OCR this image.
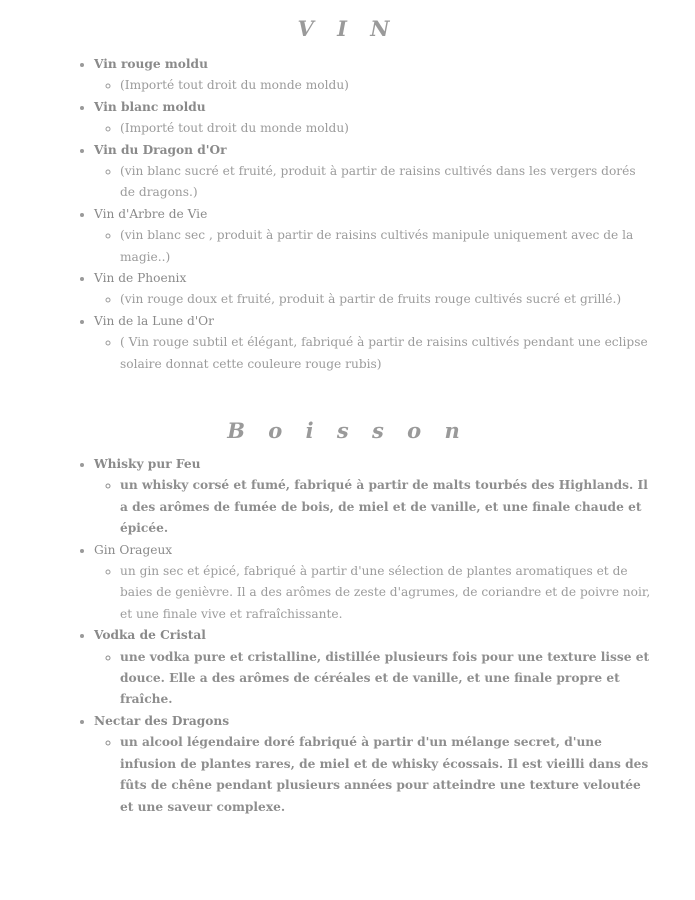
V I N
• Vin rouge moldu
◦ (Importé tout droit du monde moldu)
• Vin blanc moldu
◦ (Importé tout droit du monde moldu)
• Vin du Dragon d'Or
◦ (vin blanc sucré et fruité, produit à partir de raisins cultivés dans les vergers dorés de dragons.)
• Vin d'Arbre de Vie
◦ (vin blanc sec , produit à partir de raisins cultivés manipule uniquement avec de la magie..)
• Vin de Phoenix
◦ (vin rouge doux et fruité, produit à partir de fruits rouge cultivés sucré et grillé.)
• Vin de la Lune d'Or
◦ ( Vin rouge subtil et élégant, fabriqué à partir de raisins cultivés pendant une eclipse solaire donnat cette couleure rouge rubis)
B o i s s o n
• Whisky pur Feu
◦ un whisky corsé et fumé, fabriqué à partir de malts tourbés des Highlands. Il a des arômes de fumée de bois, de miel et de vanille, et une finale chaude et épicée.
• Gin Orageux
◦ un gin sec et épicé, fabriqué à partir d'une sélection de plantes aromatiques et de baies de genièvre. Il a des arômes de zeste d'agrumes, de coriandre et de poivre noir, et une finale vive et rafraîchissante.
• Vodka de Cristal
◦ une vodka pure et cristalline, distillée plusieurs fois pour une texture lisse et douce. Elle a des arômes de céréales et de vanille, et une finale propre et fraîche.
• Nectar des Dragons
◦ un alcool légendaire doré fabriqué à partir d'un mélange secret, d'une infusion de plantes rares, de miel et de whisky écossais. Il est vieilli dans des fûts de chêne pendant plusieurs années pour atteindre une texture veloutée et une saveur complexe.
